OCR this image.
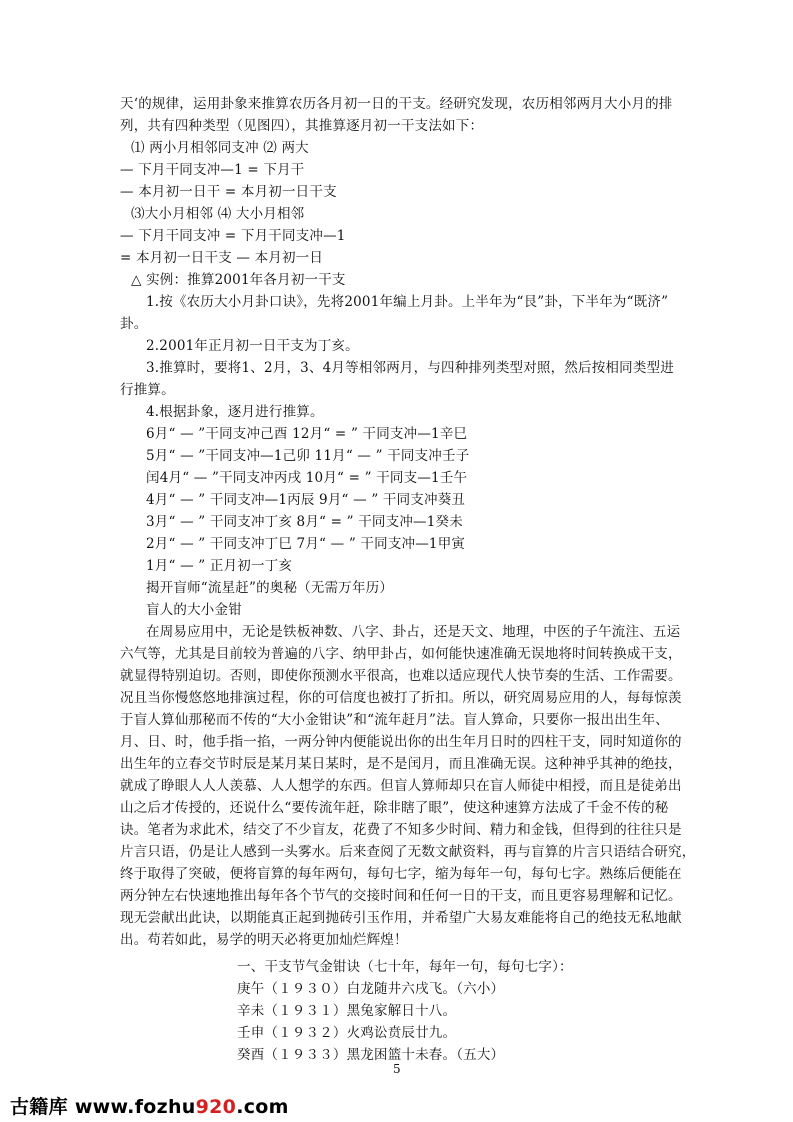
天‘的规律，运用卦象来推算农历各月初一日的干支。经研究发现，农历相邻两月大小月的排
列，共有四种类型（见图四），其推算逐月初一干支法如下：
⑴ 两小月相邻同支冲 ⑵ 两大
— 下月干同支冲—1 = 下月干
— 本月初一日干 = 本月初一日干支
⑶大小月相邻 ⑷ 大小月相邻
— 下月干同支冲 = 下月干同支冲—1
= 本月初一日干支 — 本月初一日
△ 实例：推算2001年各月初一干支
1.按《农历大小月卦口诀》，先将2001年编上月卦。上半年为“艮”卦，下半年为“既济”
卦。
2.2001年正月初一日干支为丁亥。
3.推算时，要将1、2月，3、4月等相邻两月，与四种排列类型对照，然后按相同类型进
行推算。
4.根据卦象，逐月进行推算。
6月“ — ”干同支冲己酉 12月“ = ” 干同支冲—1辛巳
5月“ — ”干同支冲—1己卯 11月“ — ” 干同支冲壬子
闰4月“ — ”干同支冲丙戌 10月“ = ” 干同支—1壬午
4月“ — ” 干同支冲—1丙辰 9月“ — ” 干同支冲葵丑
3月“ — ” 干同支冲丁亥 8月“ = ” 干同支冲—1癸未
2月“ — ” 干同支冲丁巳 7月“ — ” 干同支冲—1甲寅
1月“ — ” 正月初一丁亥
揭开盲师“流星赶”的奥秘（无需万年历）
盲人的大小金钳
在周易应用中，无论是铁板神数、八字、卦占，还是天文、地理，中医的子午流注、五运
六气等，尤其是目前较为普遍的八字、纳甲卦占，如何能快速准确无误地将时间转换成干支，
就显得特别迫切。否则，即使你预测水平很高，也难以适应现代人快节奏的生活、工作需要。
况且当你慢悠悠地排演过程，你的可信度也被打了折扣。所以，研究周易应用的人，每每惊羡
于盲人算仙那秘而不传的“大小金钳诀”和“流年赶月”法。盲人算命，只要你一报出出生年、
月、日、时，他手指一掐，一两分钟内便能说出你的出生年月日时的四柱干支，同时知道你的
出生年的立春交节时辰是某月某日某时，是不是闰月，而且准确无误。这种神乎其神的绝技，
就成了睁眼人人人羡慕、人人想学的东西。但盲人算师却只在盲人师徒中相授，而且是徒弟出
山之后才传授的，还说什么“要传流年赶，除非瞎了眼”，使这种速算方法成了千金不传的秘
诀。笔者为求此术，结交了不少盲友，花费了不知多少时间、精力和金钱，但得到的往往只是
片言只语，仍是让人感到一头雾水。后来查阅了无数文献资料，再与盲算的片言只语结合研究，
终于取得了突破，便将盲算的每年两句，每句七字，缩为每年一句，每句七字。熟练后便能在
两分钟左右快速地推出每年各个节气的交接时间和任何一日的干支，而且更容易理解和记忆。
现无尝献出此诀，以期能真正起到抛砖引玉作用，并希望广大易友难能将自己的绝技无私地献
出。苟若如此，易学的明天必将更加灿烂辉煌！
一、干支节气金钳诀（七十年，每年一句，每句七字）：
庚午（１９３０）白龙随井六戌飞。（六小）
辛未（１９３１）黑兔家解日十八。
壬申（１９３２）火鸡讼贲辰廿九。
癸酉（１９３３）黑龙困篮十未春。（五大）
5
古籍库 www.fozhu920.com
